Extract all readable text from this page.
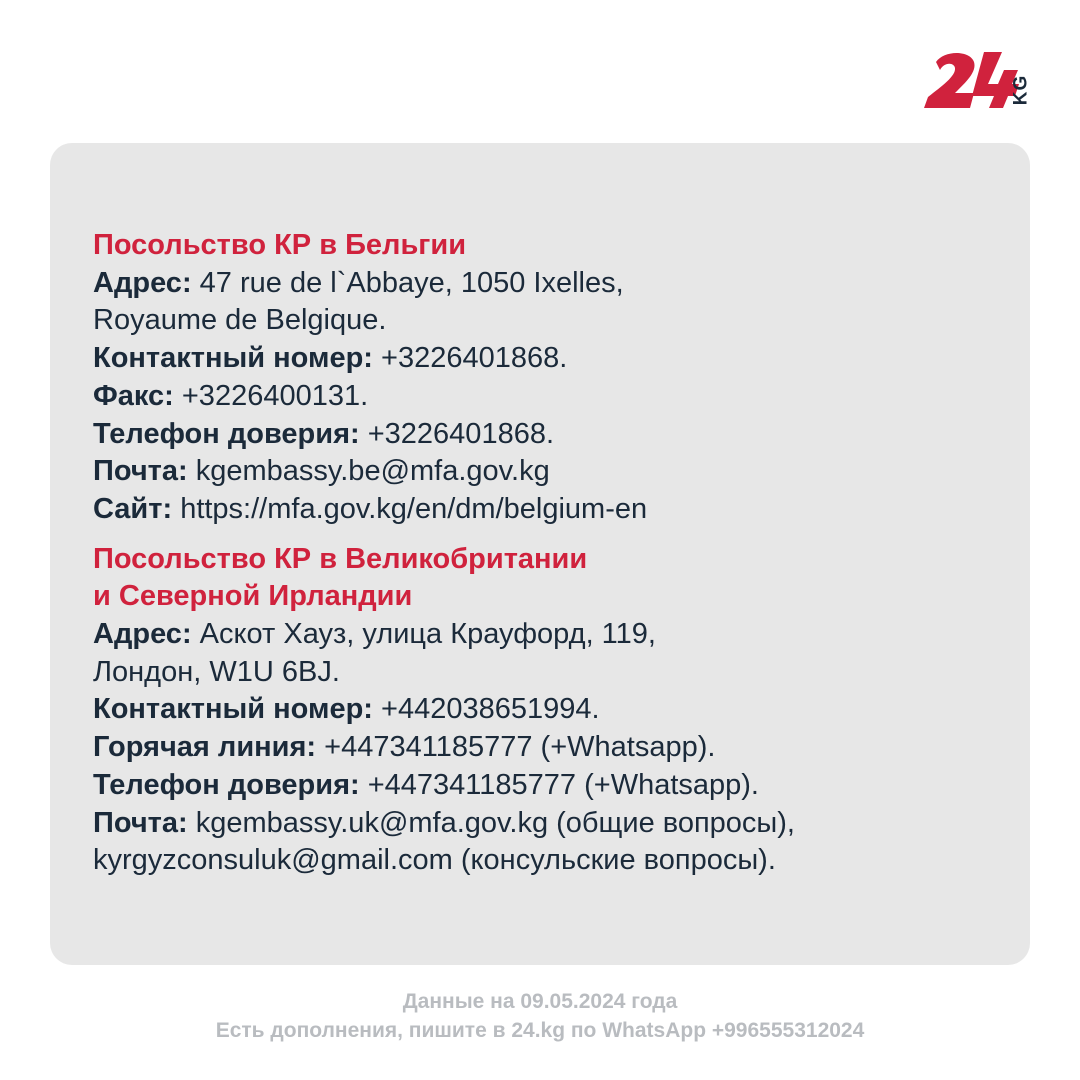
KG
Посольство КР в Бельгии
Адрес: 47 rue de l`Abbaye, 1050 Ixelles,
Royaume de Belgique.
Контактный номер: +3226401868.
Факс: +3226400131.
Телефон доверия: +3226401868.
Почта: kgembassy.be@mfa.gov.kg
Сайт: https://mfa.gov.kg/en/dm/belgium-en
Посольство КР в Великобритании
и Северной Ирландии
Адрес: Аскот Хауз, улица Крауфорд, 119,
Лондон, W1U 6BJ.
Контактный номер: +442038651994.
Горячая линия: +447341185777 (+Whatsapp).
Телефон доверия: +447341185777 (+Whatsapp).
Почта: kgembassy.uk@mfa.gov.kg (общие вопросы),
kyrgyzconsuluk@gmail.com (консульские вопросы).
Данные на 09.05.2024 года
Есть дополнения, пишите в 24.kg по WhatsApp +996555312024
